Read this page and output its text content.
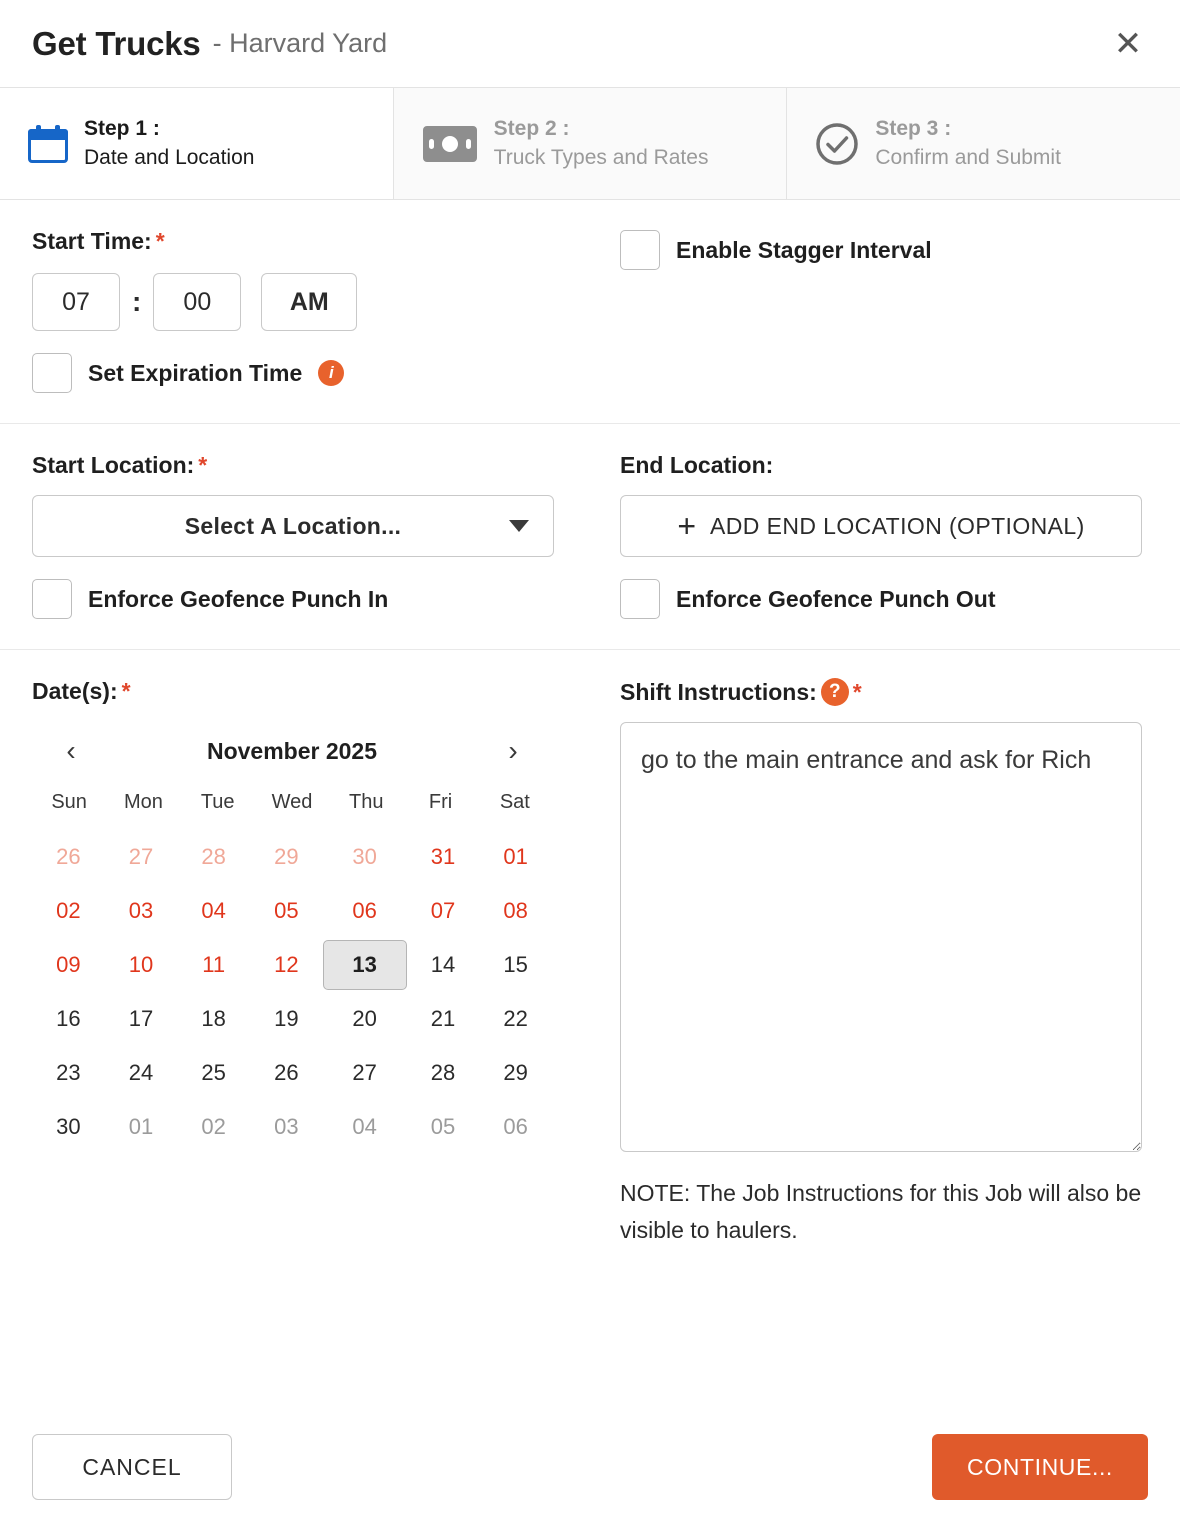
Get Trucks - Harvard Yard	✕
Step 1 :
Date and Location
Step 2 :
Truck Types and Rates
Step 3 :
Confirm and Submit
Start Time: *
07	:	00	AM
Set Expiration Time	i
Enable Stagger Interval
Start Location: *
Select A Location...
Enforce Geofence Punch In
End Location:
+ ADD END LOCATION (OPTIONAL)
Enforce Geofence Punch Out
Date(s): *
‹	November 2025	›
Sun	Mon	Tue	Wed	Thu	Fri	Sat
26 27 28 29 30 31 01
02 03 04 05 06 07 08
09 10 11 12	13	14 15
16 17 18 19 20 21 22
23 24 25 26 27 28 29
30 01 02 03 04 05 06
Shift Instructions: ? *
go to the main entrance and ask for Rich
NOTE: The Job Instructions for this Job will also be visible to haulers.
CANCEL	CONTINUE...
